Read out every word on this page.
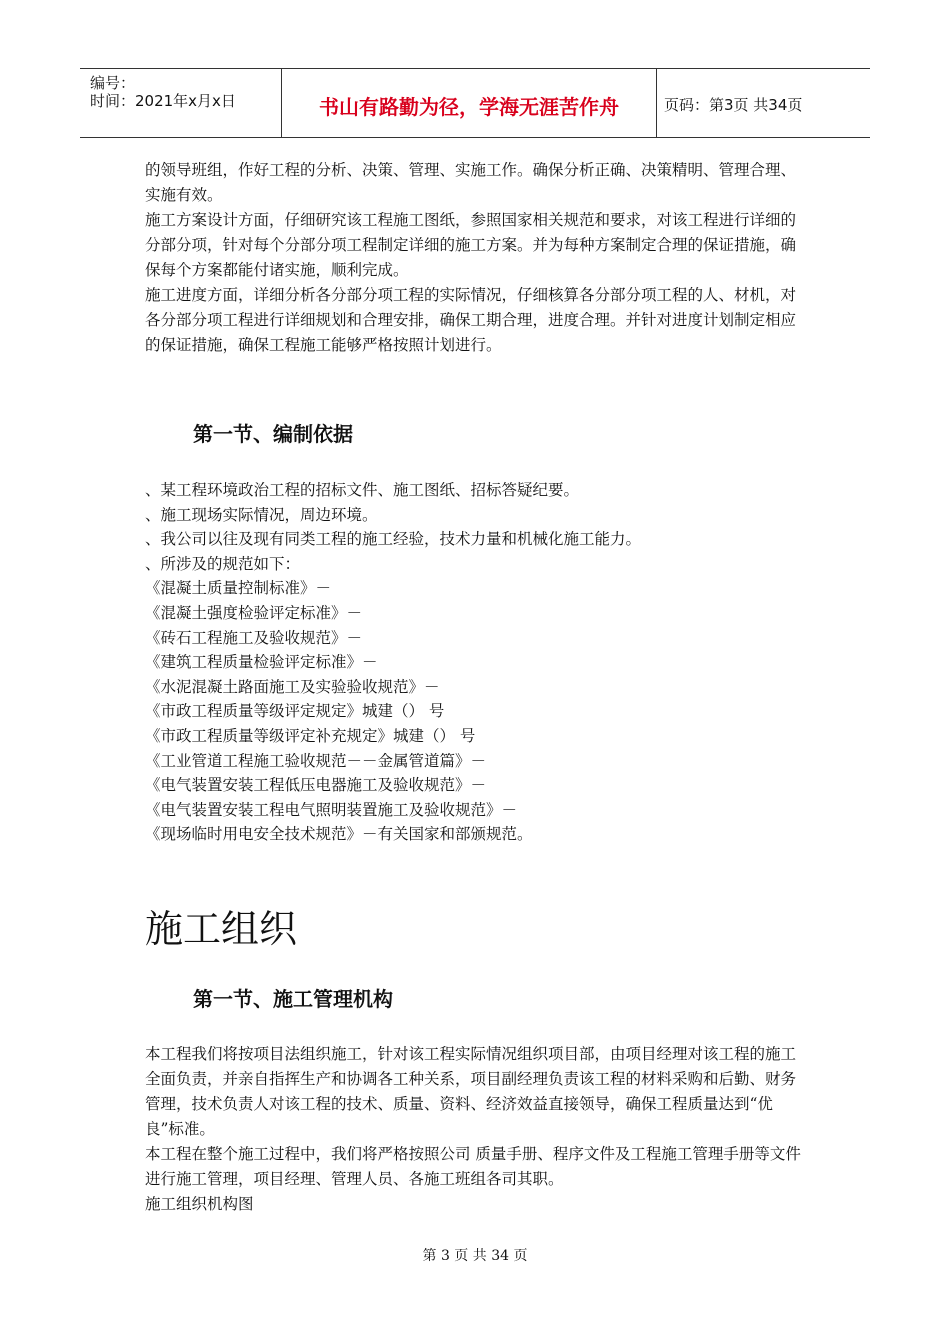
编号：
时间：2021年x月x日	书山有路勤为径，学海无涯苦作舟	页码：第3页 共34页

的领导班组，作好工程的分析、决策、管理、实施工作。确保分析正确、决策精明、管理合理、实施有效。

施工方案设计方面，仔细研究该工程施工图纸，参照国家相关规范和要求，对该工程进行详细的分部分项，针对每个分部分项工程制定详细的施工方案。并为每种方案制定合理的保证措施，确保每个方案都能付诸实施，顺利完成。

施工进度方面，详细分析各分部分项工程的实际情况，仔细核算各分部分项工程的人、材机，对各分部分项工程进行详细规划和合理安排，确保工期合理，进度合理。并针对进度计划制定相应的保证措施，确保工程施工能够严格按照计划进行。

第一节、编制依据
、某工程环境政治工程的招标文件、施工图纸、招标答疑纪要。
、施工现场实际情况，周边环境。
、我公司以往及现有同类工程的施工经验，技术力量和机械化施工能力。
、所涉及的规范如下：
《混凝土质量控制标准》－
《混凝土强度检验评定标准》－
《砖石工程施工及验收规范》－
《建筑工程质量检验评定标准》－
《水泥混凝土路面施工及实验验收规范》－
《市政工程质量等级评定规定》城建（） 号
《市政工程质量等级评定补充规定》城建（） 号
《工业管道工程施工验收规范－－金属管道篇》－
《电气装置安装工程低压电器施工及验收规范》－
《电气装置安装工程电气照明装置施工及验收规范》－
《现场临时用电安全技术规范》－有关国家和部颁规范。
施工组织
第一节、施工管理机构

本工程我们将按项目法组织施工，针对该工程实际情况组织项目部，由项目经理对该工程的施工全面负责，并亲自指挥生产和协调各工种关系，项目副经理负责该工程的材料采购和后勤、财务管理，技术负责人对该工程的技术、质量、资料、经济效益直接领导，确保工程质量达到“优良”标准。

本工程在整个施工过程中，我们将严格按照公司 质量手册、程序文件及工程施工管理手册等文件进行施工管理，项目经理、管理人员、各施工班组各司其职。

施工组织机构图

第 3 页 共 34 页
